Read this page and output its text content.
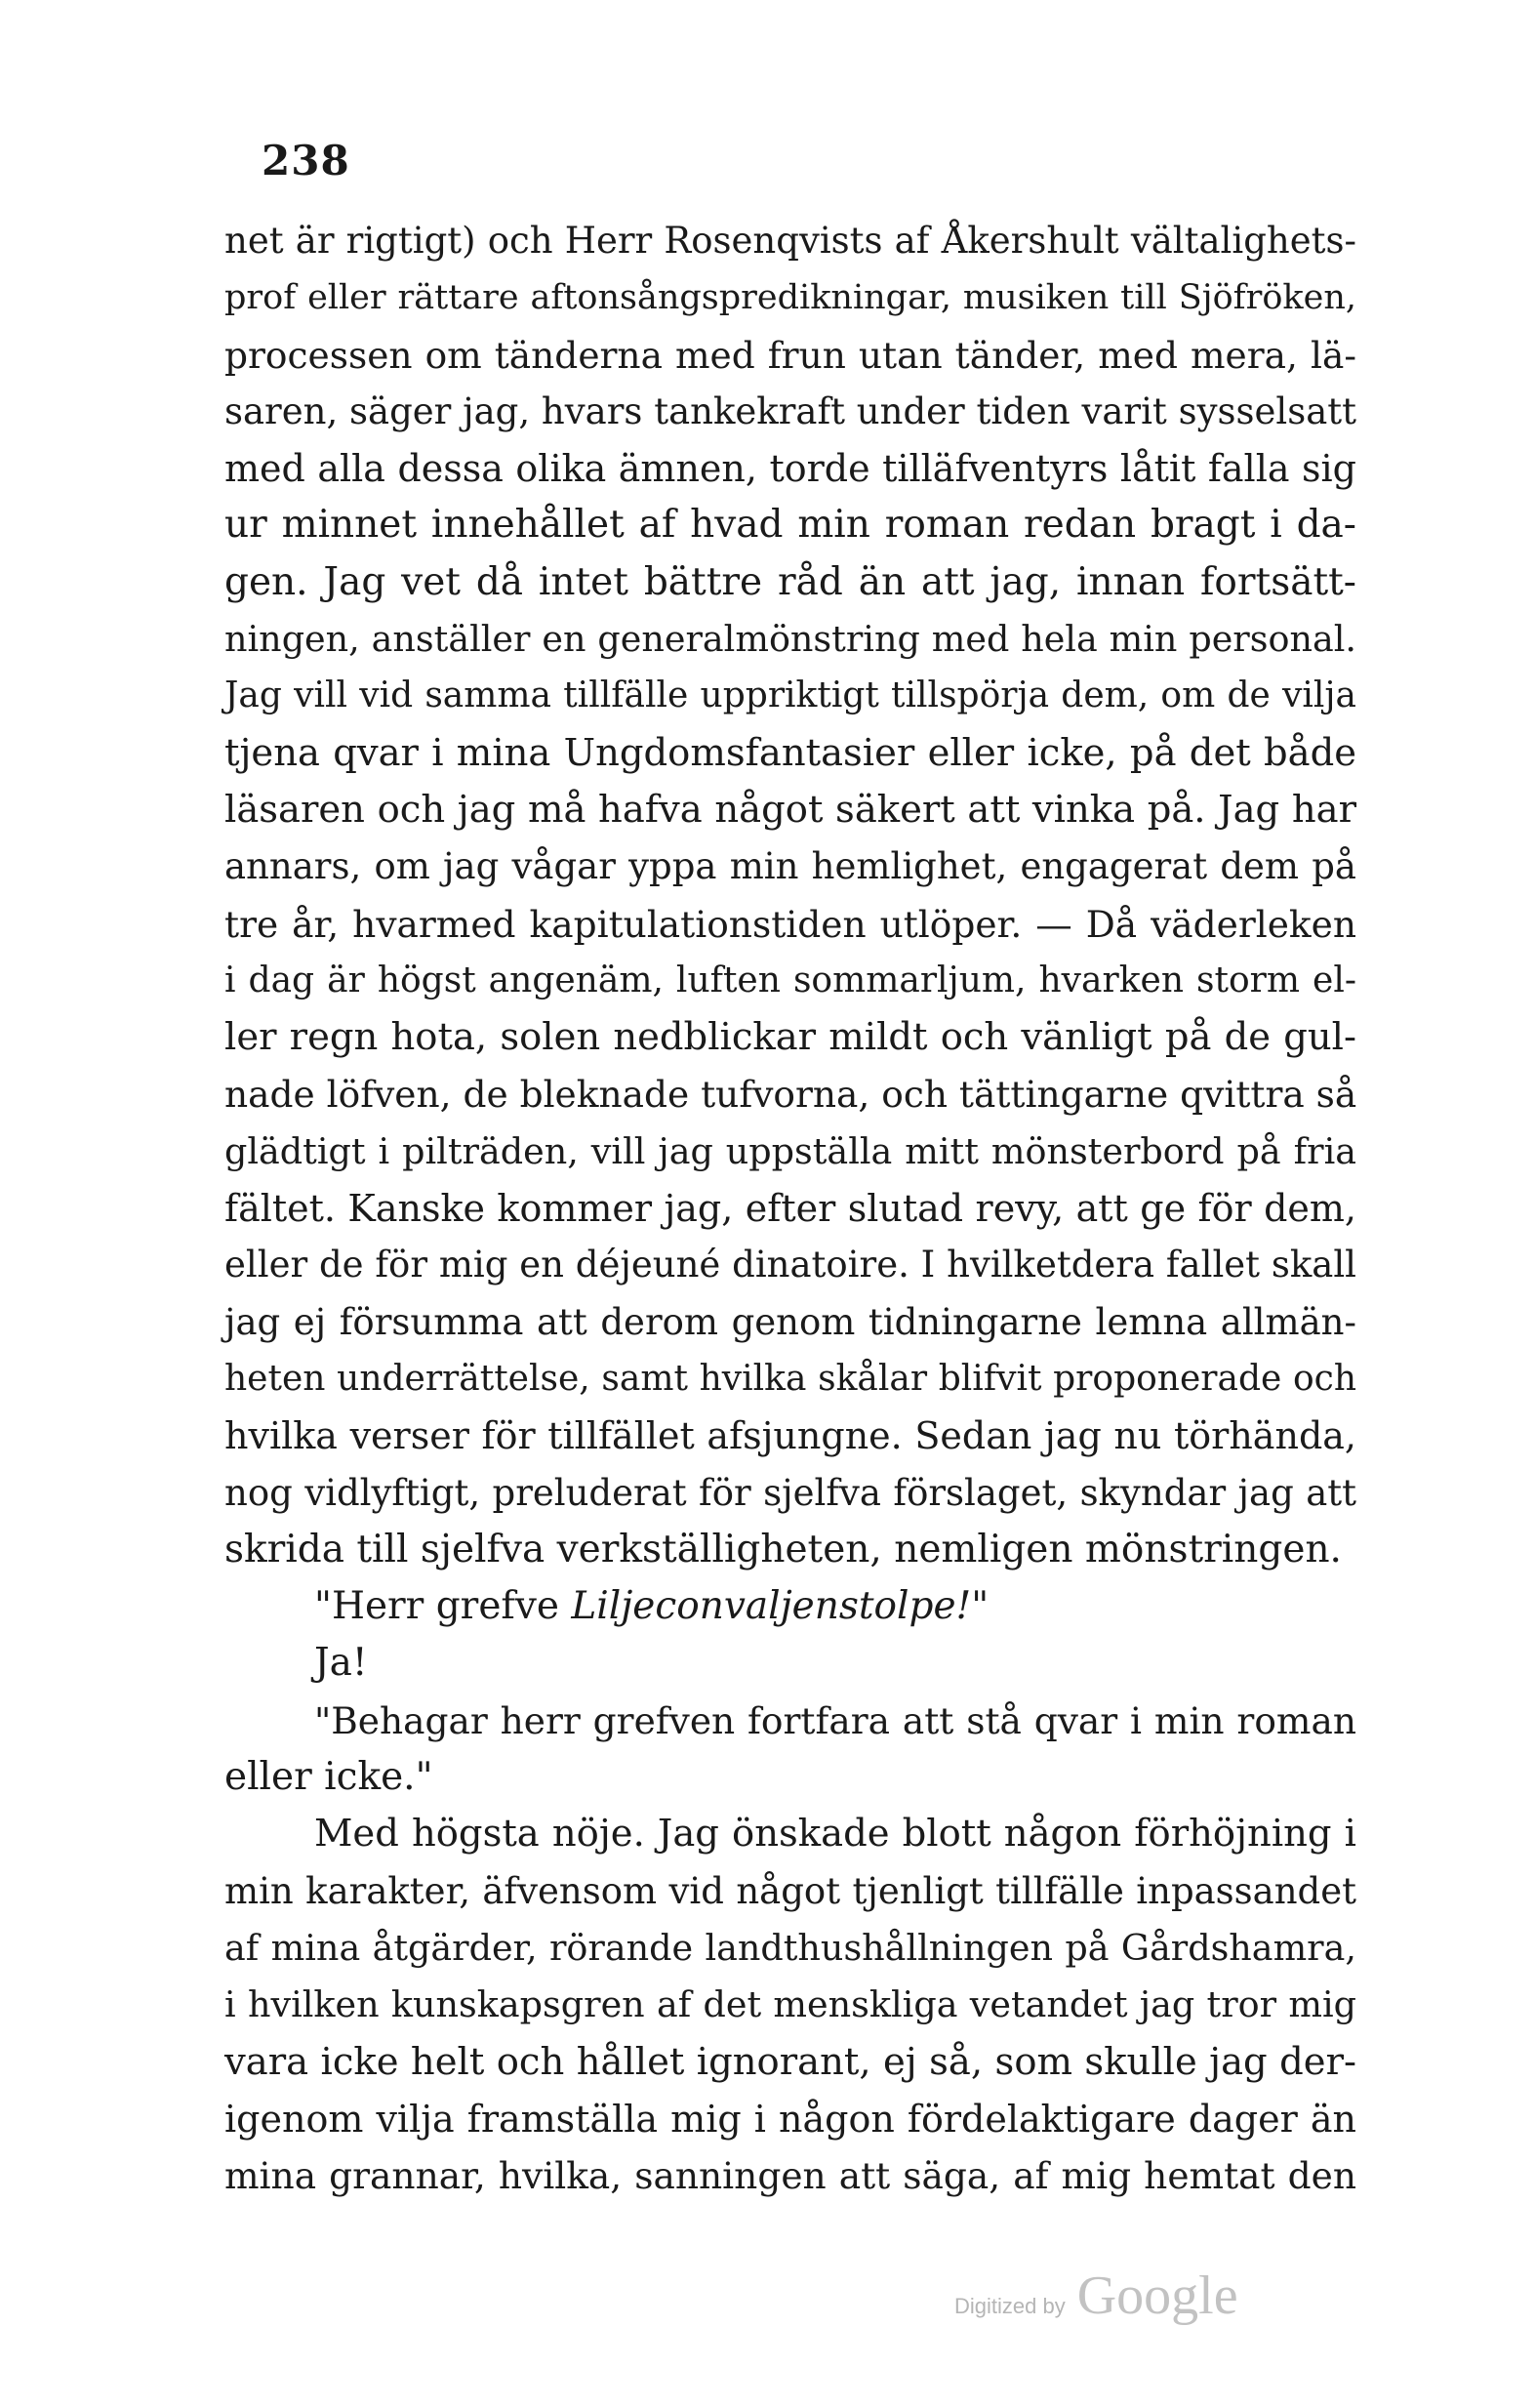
238
net är rigtigt) och Herr Rosenqvists af Åkershult vältalighets-
prof eller rättare aftonsångspredikningar, musiken till Sjöfröken,
processen om tänderna med frun utan tänder, med mera, lä-
saren, säger jag, hvars tankekraft under tiden varit sysselsatt
med alla dessa olika ämnen, torde tilläfventyrs låtit falla sig
ur minnet innehållet af hvad min roman redan bragt i da-
gen. Jag vet då intet bättre råd än att jag, innan fortsätt-
ningen, anställer en generalmönstring med hela min personal.
Jag vill vid samma tillfälle uppriktigt tillspörja dem, om de vilja
tjena qvar i mina Ungdomsfantasier eller icke, på det både
läsaren och jag må hafva något säkert att vinka på. Jag har
annars, om jag vågar yppa min hemlighet, engagerat dem på
tre år, hvarmed kapitulationstiden utlöper. — Då väderleken
i dag är högst angenäm, luften sommarljum, hvarken storm el-
ler regn hota, solen nedblickar mildt och vänligt på de gul-
nade löfven, de bleknade tufvorna, och tättingarne qvittra så
glädtigt i pilträden, vill jag uppställa mitt mönsterbord på fria
fältet. Kanske kommer jag, efter slutad revy, att ge för dem,
eller de för mig en déjeuné dinatoire. I hvilketdera fallet skall
jag ej försumma att derom genom tidningarne lemna allmän-
heten underrättelse, samt hvilka skålar blifvit proponerade och
hvilka verser för tillfället afsjungne. Sedan jag nu törhända,
nog vidlyftigt, preluderat för sjelfva förslaget, skyndar jag att
skrida till sjelfva verkställigheten, nemligen mönstringen.
"Herr grefve Liljeconvaljenstolpe!"
Ja!
"Behagar herr grefven fortfara att stå qvar i min roman
eller icke."
Med högsta nöje. Jag önskade blott någon förhöjning i
min karakter, äfvensom vid något tjenligt tillfälle inpassandet
af mina åtgärder, rörande landthushållningen på Gårdshamra,
i hvilken kunskapsgren af det menskliga vetandet jag tror mig
vara icke helt och hållet ignorant, ej så, som skulle jag der-
igenom vilja framställa mig i någon fördelaktigare dager än
mina grannar, hvilka, sanningen att säga, af mig hemtat den
Digitized by Google
